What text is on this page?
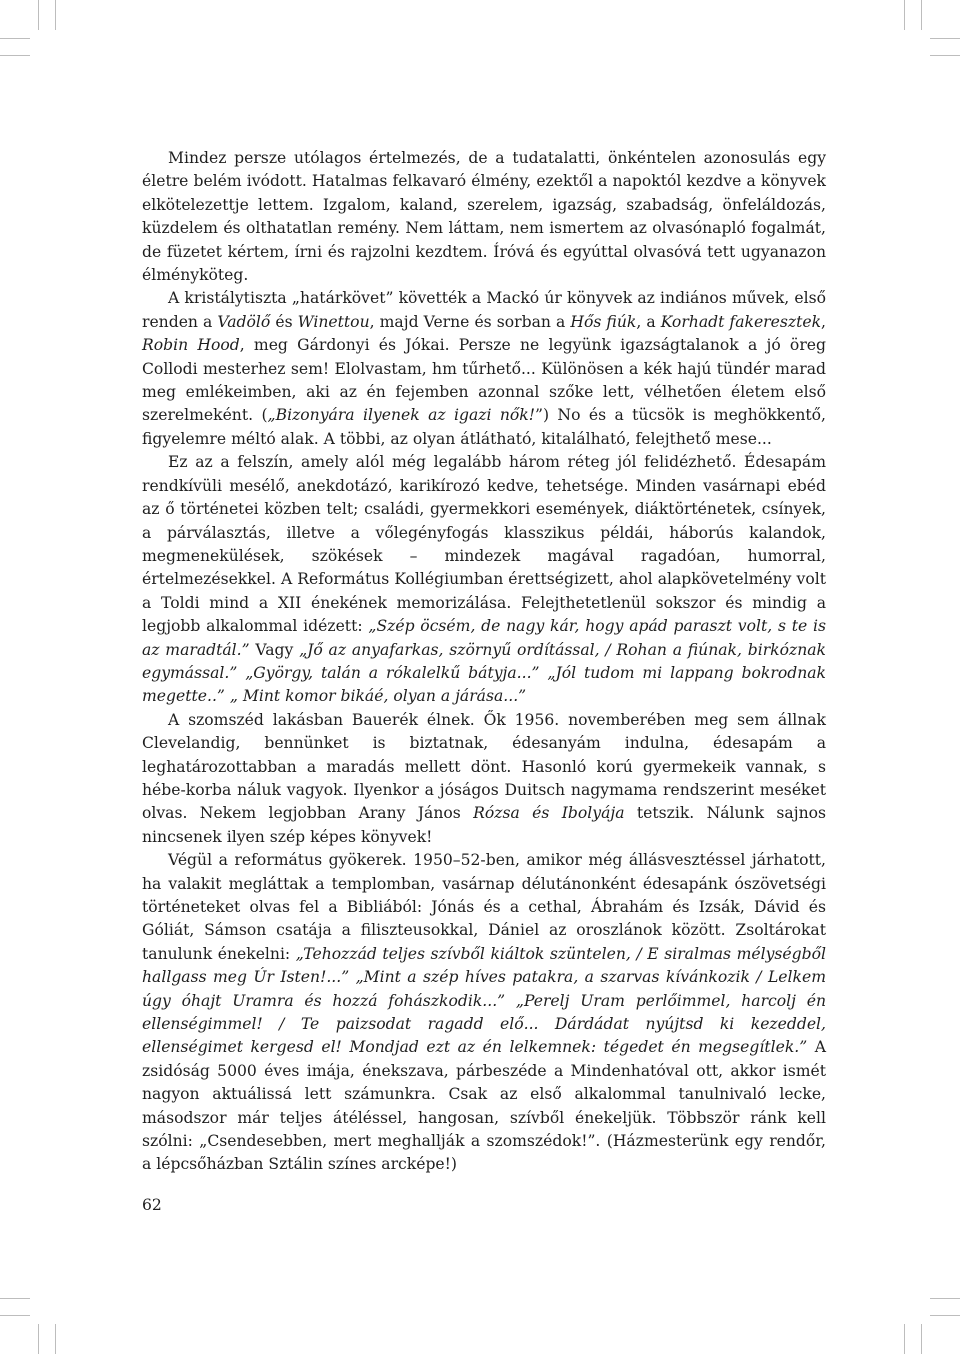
Mindez persze utólagos értelmezés, de a tudatalatti, önkéntelen azonosulás egy életre belém ivódott. Hatalmas felkavaró élmény, ezektől a napoktól kezdve a könyvek elkötelezettje lettem. Izgalom, kaland, szerelem, igazság, szabadság, önfeláldozás, küzdelem és olthatatlan remény. Nem láttam, nem ismertem az olvasónapló fogalmát, de füzetet kértem, írni és rajzolni kezdtem. Íróvá és egyúttal olvasóvá tett ugyanazon élményköteg.

A kristálytiszta „határkövet” követték a Mackó úr könyvek az indiános művek, első renden a Vadölő és Winettou, majd Verne és sorban a Hős fiúk, a Korhadt fakeresztek, Robin Hood, meg Gárdonyi és Jókai. Persze ne legyünk igazságtalanok a jó öreg Collodi mesterhez sem! Elolvastam, hm tűrhető... Különösen a kék hajú tündér marad meg emlékeimben, aki az én fejemben azonnal szőke lett, vélhetően életem első szerelmeként. („Bizonyára ilyenek az igazi nők!”) No és a tücsök is meghökkentő, figyelemre méltó alak. A többi, az olyan átlátható, kitalálható, felejthető mese...

Ez az a felszín, amely alól még legalább három réteg jól felidézhető. Édesapám rendkívüli mesélő, anekdotázó, karikírozó kedve, tehetsége. Minden vasárnapi ebéd az ő történetei közben telt; családi, gyermekkori események, diáktörténetek, csínyek, a párválasztás, illetve a vőlegényfogás klasszikus példái, háborús kalandok, megmenekülések, szökések – mindezek magával ragadóan, humorral, értelmezésekkel. A Református Kollégiumban érettségizett, ahol alapkövetelmény volt a Toldi mind a XII énekének memorizálása. Felejthetetlenül sokszor és mindig a legjobb alkalommal idézett: „Szép öcsém, de nagy kár, hogy apád paraszt volt, s te is az maradtál.” Vagy „Jő az anyafarkas, szörnyű ordítással, / Rohan a fiúnak, birkóznak egymással.” „György, talán a rókalelkű bátyja...” „Jól tudom mi lappang bokrodnak megette..” „ Mint komor bikáé, olyan a járása...”

A szomszéd lakásban Bauerék élnek. Ők 1956. novemberében meg sem állnak Clevelandig, bennünket is biztatnak, édesanyám indulna, édesapám a leghatározottabban a maradás mellett dönt. Hasonló korú gyermekeik vannak, s hébe-korba náluk vagyok. Ilyenkor a jóságos Duitsch nagymama rendszerint meséket olvas. Nekem legjobban Arany János Rózsa és Ibolyája tetszik. Nálunk sajnos nincsenek ilyen szép képes könyvek!

Végül a református gyökerek. 1950–52-ben, amikor még állásvesztéssel járhatott, ha valakit megláttak a templomban, vasárnap délutánonként édesapánk ószövetségi történeteket olvas fel a Bibliából: Jónás és a cethal, Ábrahám és Izsák, Dávid és Góliát, Sámson csatája a filiszteusokkal, Dániel az oroszlánok között. Zsoltárokat tanulunk énekelni: „Tehozzád teljes szívből kiáltok szüntelen, / E siralmas mélységből hallgass meg Úr Isten!...” „Mint a szép híves patakra, a szarvas kívánkozik / Lelkem úgy óhajt Uramra és hozzá fohászkodik...” „Perelj Uram perlőimmel, harcolj én ellenségimmel! / Te paizsodat ragadd elő... Dárdádat nyújtsd ki kezeddel, ellenségimet kergesd el! Mondjad ezt az én lelkemnek: tégedet én megsegítlek.” A zsidóság 5000 éves imája, énekszava, párbeszéde a Mindenhatóval ott, akkor ismét nagyon aktuálissá lett számunkra. Csak az első alkalommal tanulnivaló lecke, másodszor már teljes átéléssel, hangosan, szívből énekeljük. Többször ránk kell szólni: „Csendesebben, mert meghallják a szomszédok!”. (Házmesterünk egy rendőr, a lépcsőházban Sztálin színes arcképe!)

62
